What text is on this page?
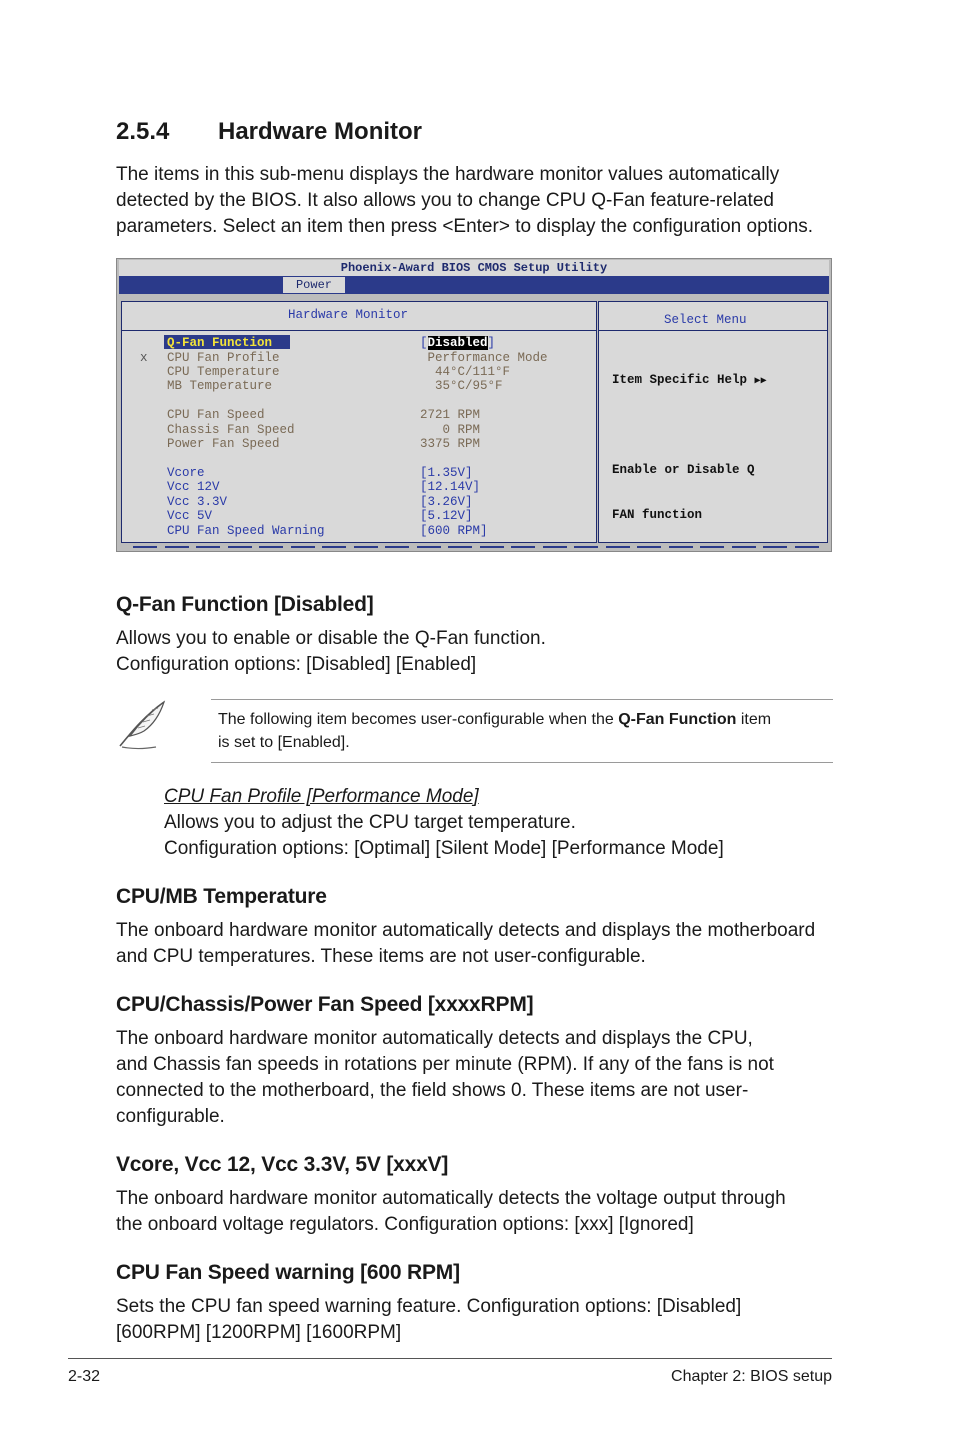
2.5.4 Hardware Monitor
The items in this sub-menu displays the hardware monitor values automatically
detected by the BIOS. It also allows you to change CPU Q-Fan feature-related
parameters. Select an item then press <Enter> to display the configuration options.
Phoenix-Award BIOS CMOS Setup Utility
Power
Hardware Monitor
Q-Fan Function	[Disabled]
x CPU Fan Profile	Performance Mode
CPU Temperature	44°C/111°F
MB Temperature	35°C/95°F
CPU Fan Speed	2721 RPM
Chassis Fan Speed	0 RPM
Power Fan Speed	3375 RPM
Vcore	[1.35V]
Vcc 12V	[12.14V]
Vcc 3.3V	[3.26V]
Vcc 5V	[5.12V]
CPU Fan Speed Warning	[600 RPM]
Select Menu

Item Specific Help ▶▶

Enable or Disable Q

FAN function

Q-Fan Function [Disabled]
Allows you to enable or disable the Q-Fan function.
Configuration options: [Disabled] [Enabled]
The following item becomes user-configurable when the Q-Fan Function item
is set to [Enabled].
CPU Fan Profile [Performance Mode]
Allows you to adjust the CPU target temperature.
Configuration options: [Optimal] [Silent Mode] [Performance Mode]
CPU/MB Temperature
The onboard hardware monitor automatically detects and displays the motherboard
and CPU temperatures. These items are not user-configurable.
CPU/Chassis/Power Fan Speed [xxxxRPM]
The onboard hardware monitor automatically detects and displays the CPU,
and Chassis fan speeds in rotations per minute (RPM). If any of the fans is not
connected to the motherboard, the field shows 0. These items are not user-
configurable.
Vcore, Vcc 12, Vcc 3.3V, 5V [xxxV]
The onboard hardware monitor automatically detects the voltage output through
the onboard voltage regulators. Configuration options: [xxx] [Ignored]
CPU Fan Speed warning [600 RPM]
Sets the CPU fan speed warning feature. Configuration options: [Disabled]
[600RPM] [1200RPM] [1600RPM]
2-32	Chapter 2: BIOS setup
